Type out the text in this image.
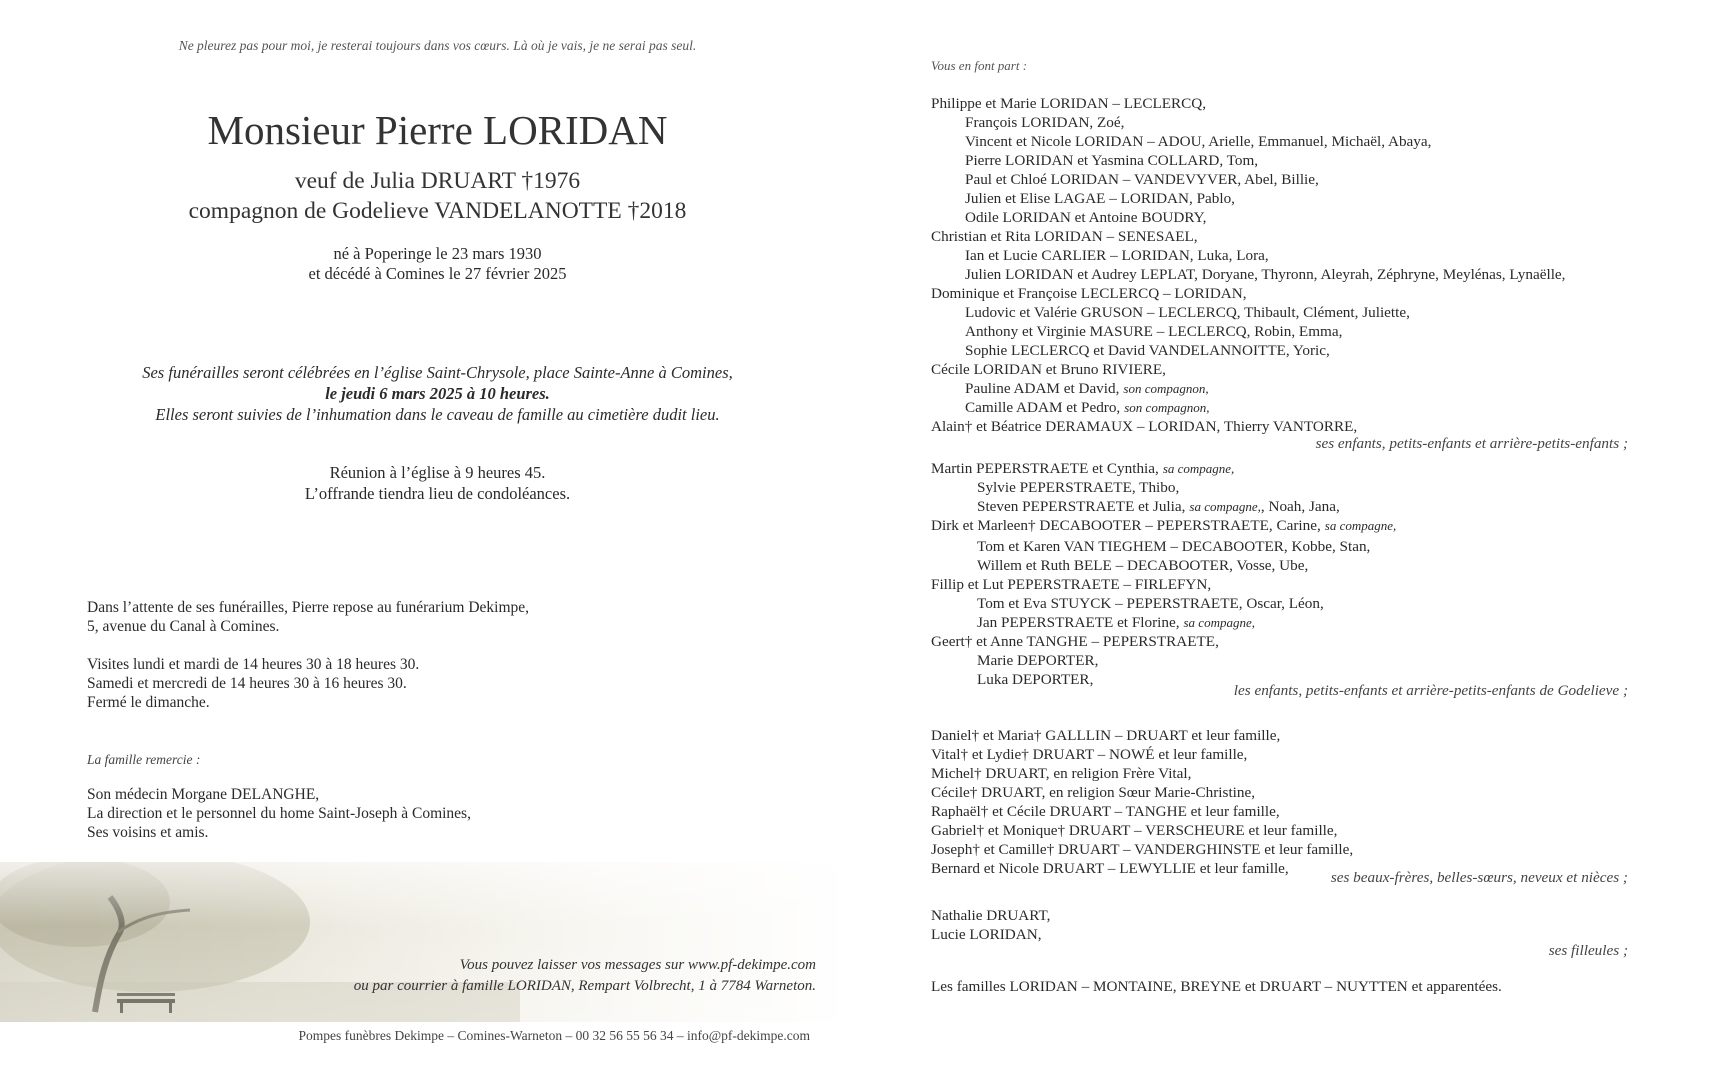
Ne pleurez pas pour moi, je resterai toujours dans vos cœurs. Là où je vais, je ne serai pas seul.

Monsieur Pierre LORIDAN

veuf de Julia DRUART †1976
compagnon de Godelieve VANDELANOTTE †2018
né à Poperinge le 23 mars 1930
et décédé à Comines le 27 février 2025
Ses funérailles seront célébrées en l’église Saint-Chrysole, place Sainte-Anne à Comines,
le jeudi 6 mars 2025 à 10 heures.
Elles seront suivies de l’inhumation dans le caveau de famille au cimetière dudit lieu.
Réunion à l’église à 9 heures 45.
L’offrande tiendra lieu de condoléances.
Dans l’attente de ses funérailles, Pierre repose au funérarium Dekimpe,
5, avenue du Canal à Comines.
Visites lundi et mardi de 14 heures 30 à 18 heures 30.
Samedi et mercredi de 14 heures 30 à 16 heures 30.
Fermé le dimanche.
La famille remercie :
Son médecin Morgane DELANGHE,
La direction et le personnel du home Saint-Joseph à Comines,
Ses voisins et amis.
Vous pouvez laisser vos messages sur www.pf-dekimpe.com
ou par courrier à famille LORIDAN, Rempart Volbrecht, 1 à 7784 Warneton.

Pompes funèbres Dekimpe – Comines-Warneton – 00 32 56 55 56 34 – info@pf-dekimpe.com

Vous en font part :

Philippe et Marie LORIDAN – LECLERCQ,

François LORIDAN, Zoé,

Vincent et Nicole LORIDAN – ADOU, Arielle, Emmanuel, Michaël, Abaya,

Pierre LORIDAN et Yasmina COLLARD, Tom,

Paul et Chloé LORIDAN – VANDEVYVER, Abel, Billie,

Julien et Elise LAGAE – LORIDAN, Pablo,

Odile LORIDAN et Antoine BOUDRY,

Christian et Rita LORIDAN – SENESAEL,

Ian et Lucie CARLIER – LORIDAN, Luka, Lora,

Julien LORIDAN et Audrey LEPLAT, Doryane, Thyronn, Aleyrah, Zéphryne, Meylénas, Lynaëlle,

Dominique et Françoise LECLERCQ – LORIDAN,

Ludovic et Valérie GRUSON – LECLERCQ, Thibault, Clément, Juliette,

Anthony et Virginie MASURE – LECLERCQ, Robin, Emma,

Sophie LECLERCQ et David VANDELANNOITTE, Yoric,

Cécile LORIDAN et Bruno RIVIERE,

Pauline ADAM et David, son compagnon,

Camille ADAM et Pedro, son compagnon,

Alain† et Béatrice DERAMAUX – LORIDAN, Thierry VANTORRE,

Martin PEPERSTRAETE et Cynthia, sa compagne,

Sylvie PEPERSTRAETE, Thibo,

Steven PEPERSTRAETE et Julia, sa compagne,, Noah, Jana,

Dirk et Marleen† DECABOOTER – PEPERSTRAETE, Carine, sa compagne,

Tom et Karen VAN TIEGHEM – DECABOOTER, Kobbe, Stan,

Willem et Ruth BELE – DECABOOTER, Vosse, Ube,

Fillip et Lut PEPERSTRAETE – FIRLEFYN,

Tom et Eva STUYCK – PEPERSTRAETE, Oscar, Léon,

Jan PEPERSTRAETE et Florine, sa compagne,

Geert† et Anne TANGHE – PEPERSTRAETE,

Marie DEPORTER,

Luka DEPORTER,

Daniel† et Maria† GALLLIN – DRUART et leur famille,

Vital† et Lydie† DRUART – NOWÉ et leur famille,

Michel† DRUART, en religion Frère Vital,

Cécile† DRUART, en religion Sœur Marie-Christine,

Raphaël† et Cécile DRUART – TANGHE et leur famille,

Gabriel† et Monique† DRUART – VERSCHEURE et leur famille,

Joseph† et Camille† DRUART – VANDERGHINSTE et leur famille,

Bernard et Nicole DRUART – LEWYLLIE et leur famille,

Nathalie DRUART,

Lucie LORIDAN,

ses enfants, petits-enfants et arrière-petits-enfants ;

les enfants, petits-enfants et arrière-petits-enfants de Godelieve ;

ses beaux-frères, belles-sœurs, neveux et nièces ;

ses filleules ;

Les familles LORIDAN – MONTAINE, BREYNE et DRUART – NUYTTEN et apparentées.
